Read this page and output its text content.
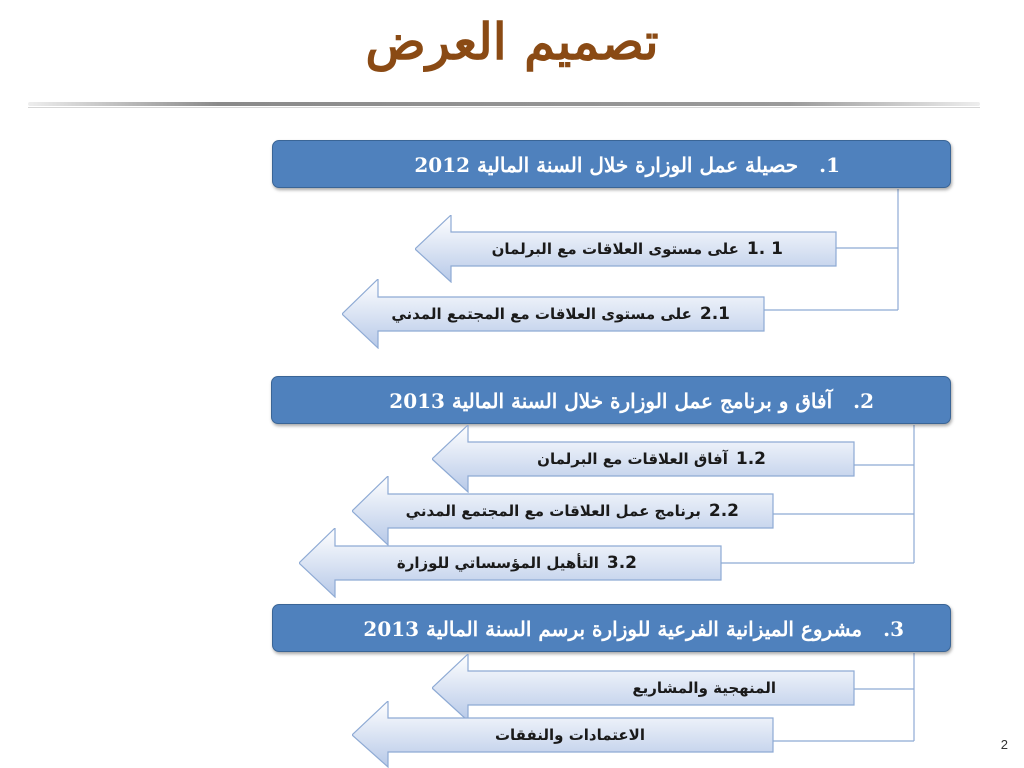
تصميم العرض
1. حصيلة عمل الوزارة خلال السنة المالية 2012
1 .1
على مستوى العلاقات مع البرلمان
2.1
على مستوى العلاقات مع المجتمع المدني
2. آفاق و برنامج عمل الوزارة خلال السنة المالية 2013
1.2
آفاق العلاقات مع البرلمان
2.2
برنامج عمل العلاقات مع المجتمع المدني
3.2
التأهيل المؤسساتي للوزارة
3. مشروع الميزانية الفرعية للوزارة برسم السنة المالية 2013
المنهجية والمشاريع
الاعتمادات والنفقات
2
